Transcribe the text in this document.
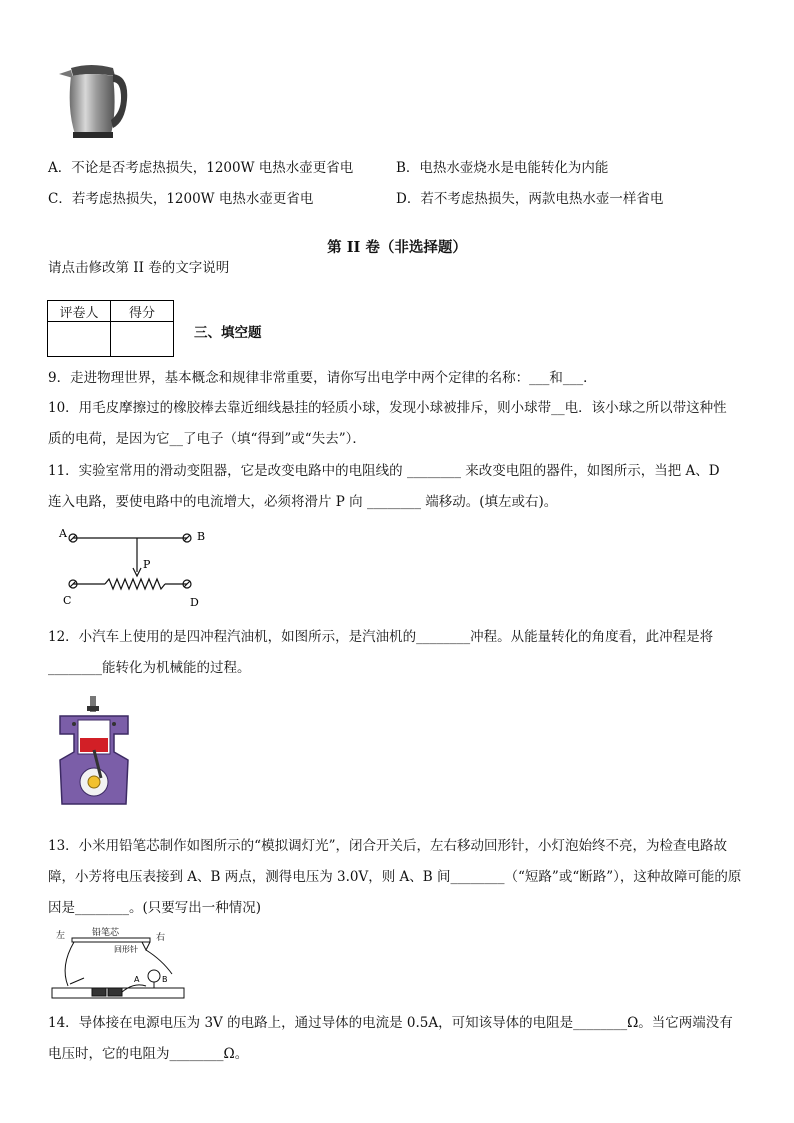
A．不论是否考虑热损失，1200W 电热水壶更省电	B．电热水壶烧水是电能转化为内能
C．若考虑热损失，1200W 电热水壶更省电	D．若不考虑热损失，两款电热水壶一样省电
第 II 卷（非选择题）
请点击修改第 II 卷的文字说明
评卷人	得分

三、填空题
9．走进物理世界，基本概念和规律非常重要，请你写出电学中两个定律的名称：___和___．
10．用毛皮摩擦过的橡胶棒去靠近细线悬挂的轻质小球，发现小球被排斥，则小球带__电．该小球之所以带这种性
质的电荷，是因为它__了电子（填“得到”或“失去”）．
11．实验室常用的滑动变阻器，它是改变电路中的电阻线的 ________ 来改变电阻的器件，如图所示，当把 A、D
连入电路，要使电路中的电流增大，必须将滑片 P 向 ________ 端移动。(填左或右)。
A	B
C	D
P
12．小汽车上使用的是四冲程汽油机，如图所示，是汽油机的________冲程。从能量转化的角度看，此冲程是将
________能转化为机械能的过程。
13．小米用铅笔芯制作如图所示的“模拟调灯光”，闭合开关后，左右移动回形针，小灯泡始终不亮，为检查电路故
障，小芳将电压表接到 A、B 两点，测得电压为 3.0V，则 A、B 间________（“短路”或“断路”），这种故障可能的原
因是________。(只要写出一种情况)
左	铅笔芯	右
回形针
A	B
14．导体接在电源电压为 3V 的电路上，通过导体的电流是 0.5A，可知该导体的电阻是________Ω。当它两端没有
电压时，它的电阻为________Ω。
